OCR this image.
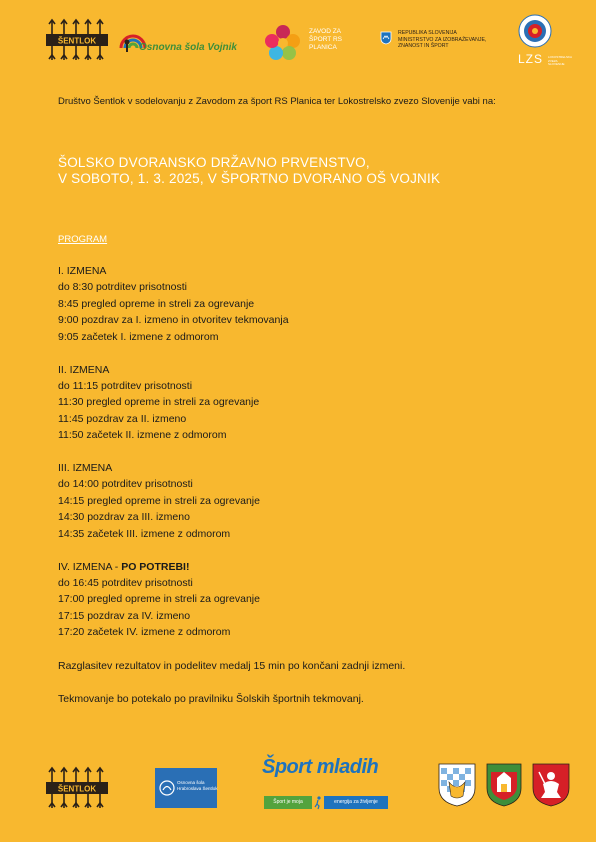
ŠENTLOK
Osnovna šola Vojnik
ZAVOD ZA
ŠPORT RS
PLANICA
REPUBLIKA SLOVENIJA
MINISTRSTVO ZA IZOBRAŽEVANJE,
ZNANOST IN ŠPORT
LZS LOKOSTRELSKA ZVEZA SLOVENIJE

Društvo Šentlok v sodelovanju z Zavodom za šport RS Planica ter Lokostrelsko zvezo Slovenije vabi na:

ŠOLSKO DVORANSKO DRŽAVNO PRVENSTVO,
V SOBOTO, 1. 3. 2025, V ŠPORTNO DVORANO OŠ VOJNIK
PROGRAM
I. IZMENA
do 8:30 potrditev prisotnosti
8:45 pregled opreme in streli za ogrevanje
9:00 pozdrav za I. izmeno in otvoritev tekmovanja
9:05 začetek I. izmene z odmorom
II. IZMENA
do 11:15 potrditev prisotnosti
11:30 pregled opreme in streli za ogrevanje
11:45 pozdrav za II. izmeno
11:50 začetek II. izmene z odmorom
III. IZMENA
do 14:00 potrditev prisotnosti
14:15 pregled opreme in streli za ogrevanje
14:30 pozdrav za III. izmeno
14:35 začetek III. izmene z odmorom
IV. IZMENA - PO POTREBI!
do 16:45 potrditev prisotnosti
17:00 pregled opreme in streli za ogrevanje
17:15 pozdrav za IV. izmeno
17:20 začetek IV. izmene z odmorom

Razglasitev rezultatov in podelitev medalj 15 min po končani zadnji izmeni.

Tekmovanje bo potekalo po pravilniku Šolskih športnih tekmovanj.

ŠENTLOK
Osnovna šola
Hrabroslava Šentlok
Šport mladih
Šport je moja	energija za življenje
